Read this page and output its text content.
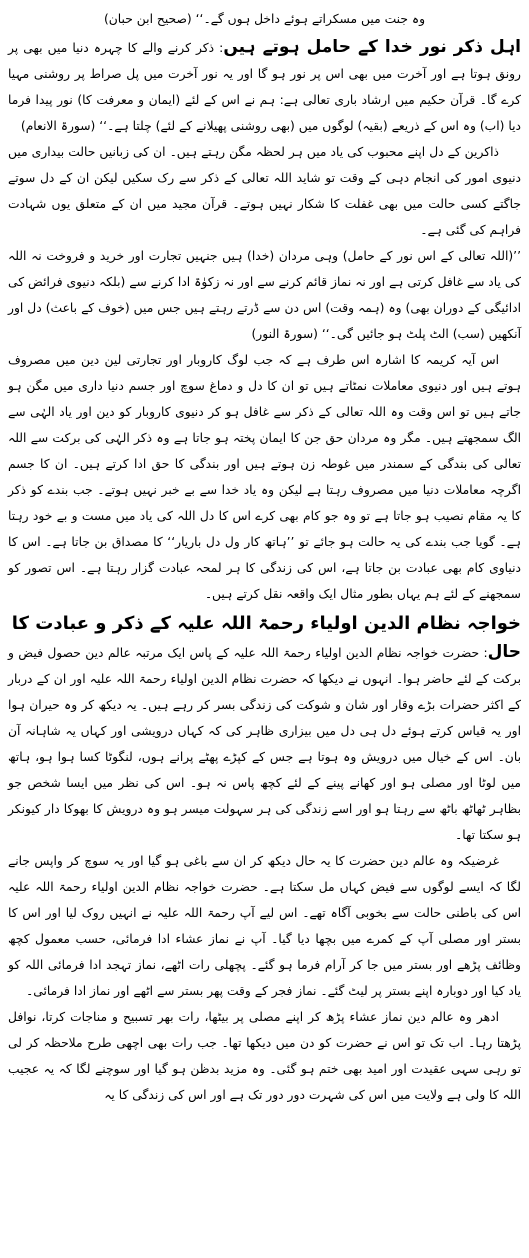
وہ جنت میں مسکراتے ہوئے داخل ہوں گے۔‘‘ (صحیح ابن حبان)

اہل ذکر نور خدا کے حامل ہوتے ہیں: ذکر کرنے والے کا چہرہ دنیا میں بھی پر رونق ہوتا ہے اور آخرت میں بھی اس پر نور ہو گا اور یہ نور آخرت میں پل صراط پر روشنی مہیا کرے گا۔ قرآن حکیم میں ارشاد باری تعالی ہے: ہم نے اس کے لئے (ایمان و معرفت کا) نور پیدا فرما دیا (اب) وہ اس کے ذریعے (بقیہ) لوگوں میں (بھی روشنی پھیلانے کے لئے) چلتا ہے۔‘‘ (سورۃ الانعام)

ذاکرین کے دل اپنے محبوب کی یاد میں ہر لحظہ مگن رہتے ہیں۔ ان کی زبانیں حالت بیداری میں دنیوی امور کی انجام دہی کے وقت تو شاید اللہ تعالی کے ذکر سے رک سکیں لیکن ان کے دل سوتے جاگتے کسی حالت میں بھی غفلت کا شکار نہیں ہوتے۔ قرآن مجید میں ان کے متعلق یوں شہادت فراہم کی گئی ہے۔

’’(اللہ تعالی کے اس نور کے حامل) وہی مردان (خدا) ہیں جنہیں تجارت اور خرید و فروخت نہ اللہ کی یاد سے غافل کرتی ہے اور نہ نماز قائم کرنے سے اور نہ زکوٰۃ ادا کرنے سے (بلکہ دنیوی فرائض کی ادائیگی کے دوران بھی) وہ (ہمہ وقت) اس دن سے ڈرتے رہتے ہیں جس میں (خوف کے باعث) دل اور آنکھیں (سب) الٹ پلٹ ہو جائیں گی۔‘‘ (سورۃ النور)

اس آیہ کریمہ کا اشارہ اس طرف ہے کہ جب لوگ کاروبار اور تجارتی لین دین میں مصروف ہوتے ہیں اور دنیوی معاملات نمٹاتے ہیں تو ان کا دل و دماغ سوچ اور جسم دنیا داری میں مگن ہو جاتے ہیں تو اس وقت وہ اللہ تعالی کے ذکر سے غافل ہو کر دنیوی کاروبار کو دین اور یاد الہٰی سے الگ سمجھتے ہیں۔ مگر وہ مردان حق جن کا ایمان پختہ ہو جاتا ہے وہ ذکر الہٰی کی برکت سے اللہ تعالی کی بندگی کے سمندر میں غوطہ زن ہوتے ہیں اور بندگی کا حق ادا کرتے ہیں۔ ان کا جسم اگرچہ معاملات دنیا میں مصروف رہتا ہے لیکن وہ یاد خدا سے بے خبر نہیں ہوتے۔ جب بندے کو ذکر کا یہ مقام نصیب ہو جاتا ہے تو وہ جو کام بھی کرے اس کا دل اللہ کی یاد میں مست و بے خود رہتا ہے۔ گویا جب بندے کی یہ حالت ہو جائے تو ’’ہاتھ کار ول دل باریار‘‘ کا مصداق بن جاتا ہے۔ اس کا دنیاوی کام بھی عبادت بن جاتا ہے، اس کی زندگی کا ہر لمحہ عبادت گزار رہتا ہے۔ اس تصور کو سمجھنے کے لئے ہم یہاں بطور مثال ایک واقعہ نقل کرتے ہیں۔

خواجہ نظام الدین اولیاء رحمۃ اللہ علیہ کے ذکر و عبادت کا

حال: حضرت خواجہ نظام الدین اولیاء رحمۃ اللہ علیہ کے پاس ایک مرتبہ عالم دین حصول فیض و برکت کے لئے حاضر ہوا۔ انہوں نے دیکھا کہ حضرت نظام الدین اولیاء رحمۃ اللہ علیہ اور ان کے دربار کے اکثر حضرات بڑے وقار اور شان و شوکت کی زندگی بسر کر رہے ہیں۔ یہ دیکھ کر وہ حیران ہوا اور یہ قیاس کرتے ہوئے دل ہی دل میں بیزاری ظاہر کی کہ کہاں درویشی اور کہاں یہ شاہانہ آن بان۔ اس کے خیال میں درویش وہ ہوتا ہے جس کے کپڑے پھٹے پرانے ہوں، لنگوٹا کسا ہوا ہو، ہاتھ میں لوٹا اور مصلی ہو اور کھانے پینے کے لئے کچھ پاس نہ ہو۔ اس کی نظر میں ایسا شخص جو بظاہر ٹھاٹھ باٹھ سے رہتا ہو اور اسے زندگی کی ہر سہولت میسر ہو وہ درویش کا بھوکا دار کیونکر ہو سکتا تھا۔

غرضیکہ وہ عالم دین حضرت کا یہ حال دیکھ کر ان سے باغی ہو گیا اور یہ سوچ کر واپس جانے لگا کہ ایسے لوگوں سے فیض کہاں مل سکتا ہے۔ حضرت خواجہ نظام الدین اولیاء رحمۃ اللہ علیہ اس کی باطنی حالت سے بخوبی آگاہ تھے۔ اس لیے آپ رحمۃ اللہ علیہ نے انہیں روک لیا اور اس کا بستر اور مصلی آپ کے کمرے میں بچھا دیا گیا۔ آپ نے نماز عشاء ادا فرمائی، حسب معمول کچھ وظائف پڑھے اور بستر میں جا کر آرام فرما ہو گئے۔ پچھلی رات اٹھے، نماز تہجد ادا فرمائی اللہ کو یاد کیا اور دوبارہ اپنے بستر پر لیٹ گئے۔ نماز فجر کے وقت پھر بستر سے اٹھے اور نماز ادا فرمائی۔

ادھر وہ عالم دین نماز عشاء پڑھ کر اپنے مصلی پر بیٹھا، رات بھر تسبیح و مناجات کرتا، نوافل پڑھتا رہا۔ اب تک تو اس نے حضرت کو دن میں دیکھا تھا۔ جب رات بھی اچھی طرح ملاحظہ کر لی تو رہی سہی عقیدت اور امید بھی ختم ہو گئی۔ وہ مزید بدظن ہو گیا اور سوچنے لگا کہ یہ عجیب اللہ کا ولی ہے ولایت میں اس کی شہرت دور دور تک ہے اور اس کی زندگی کا یہ
